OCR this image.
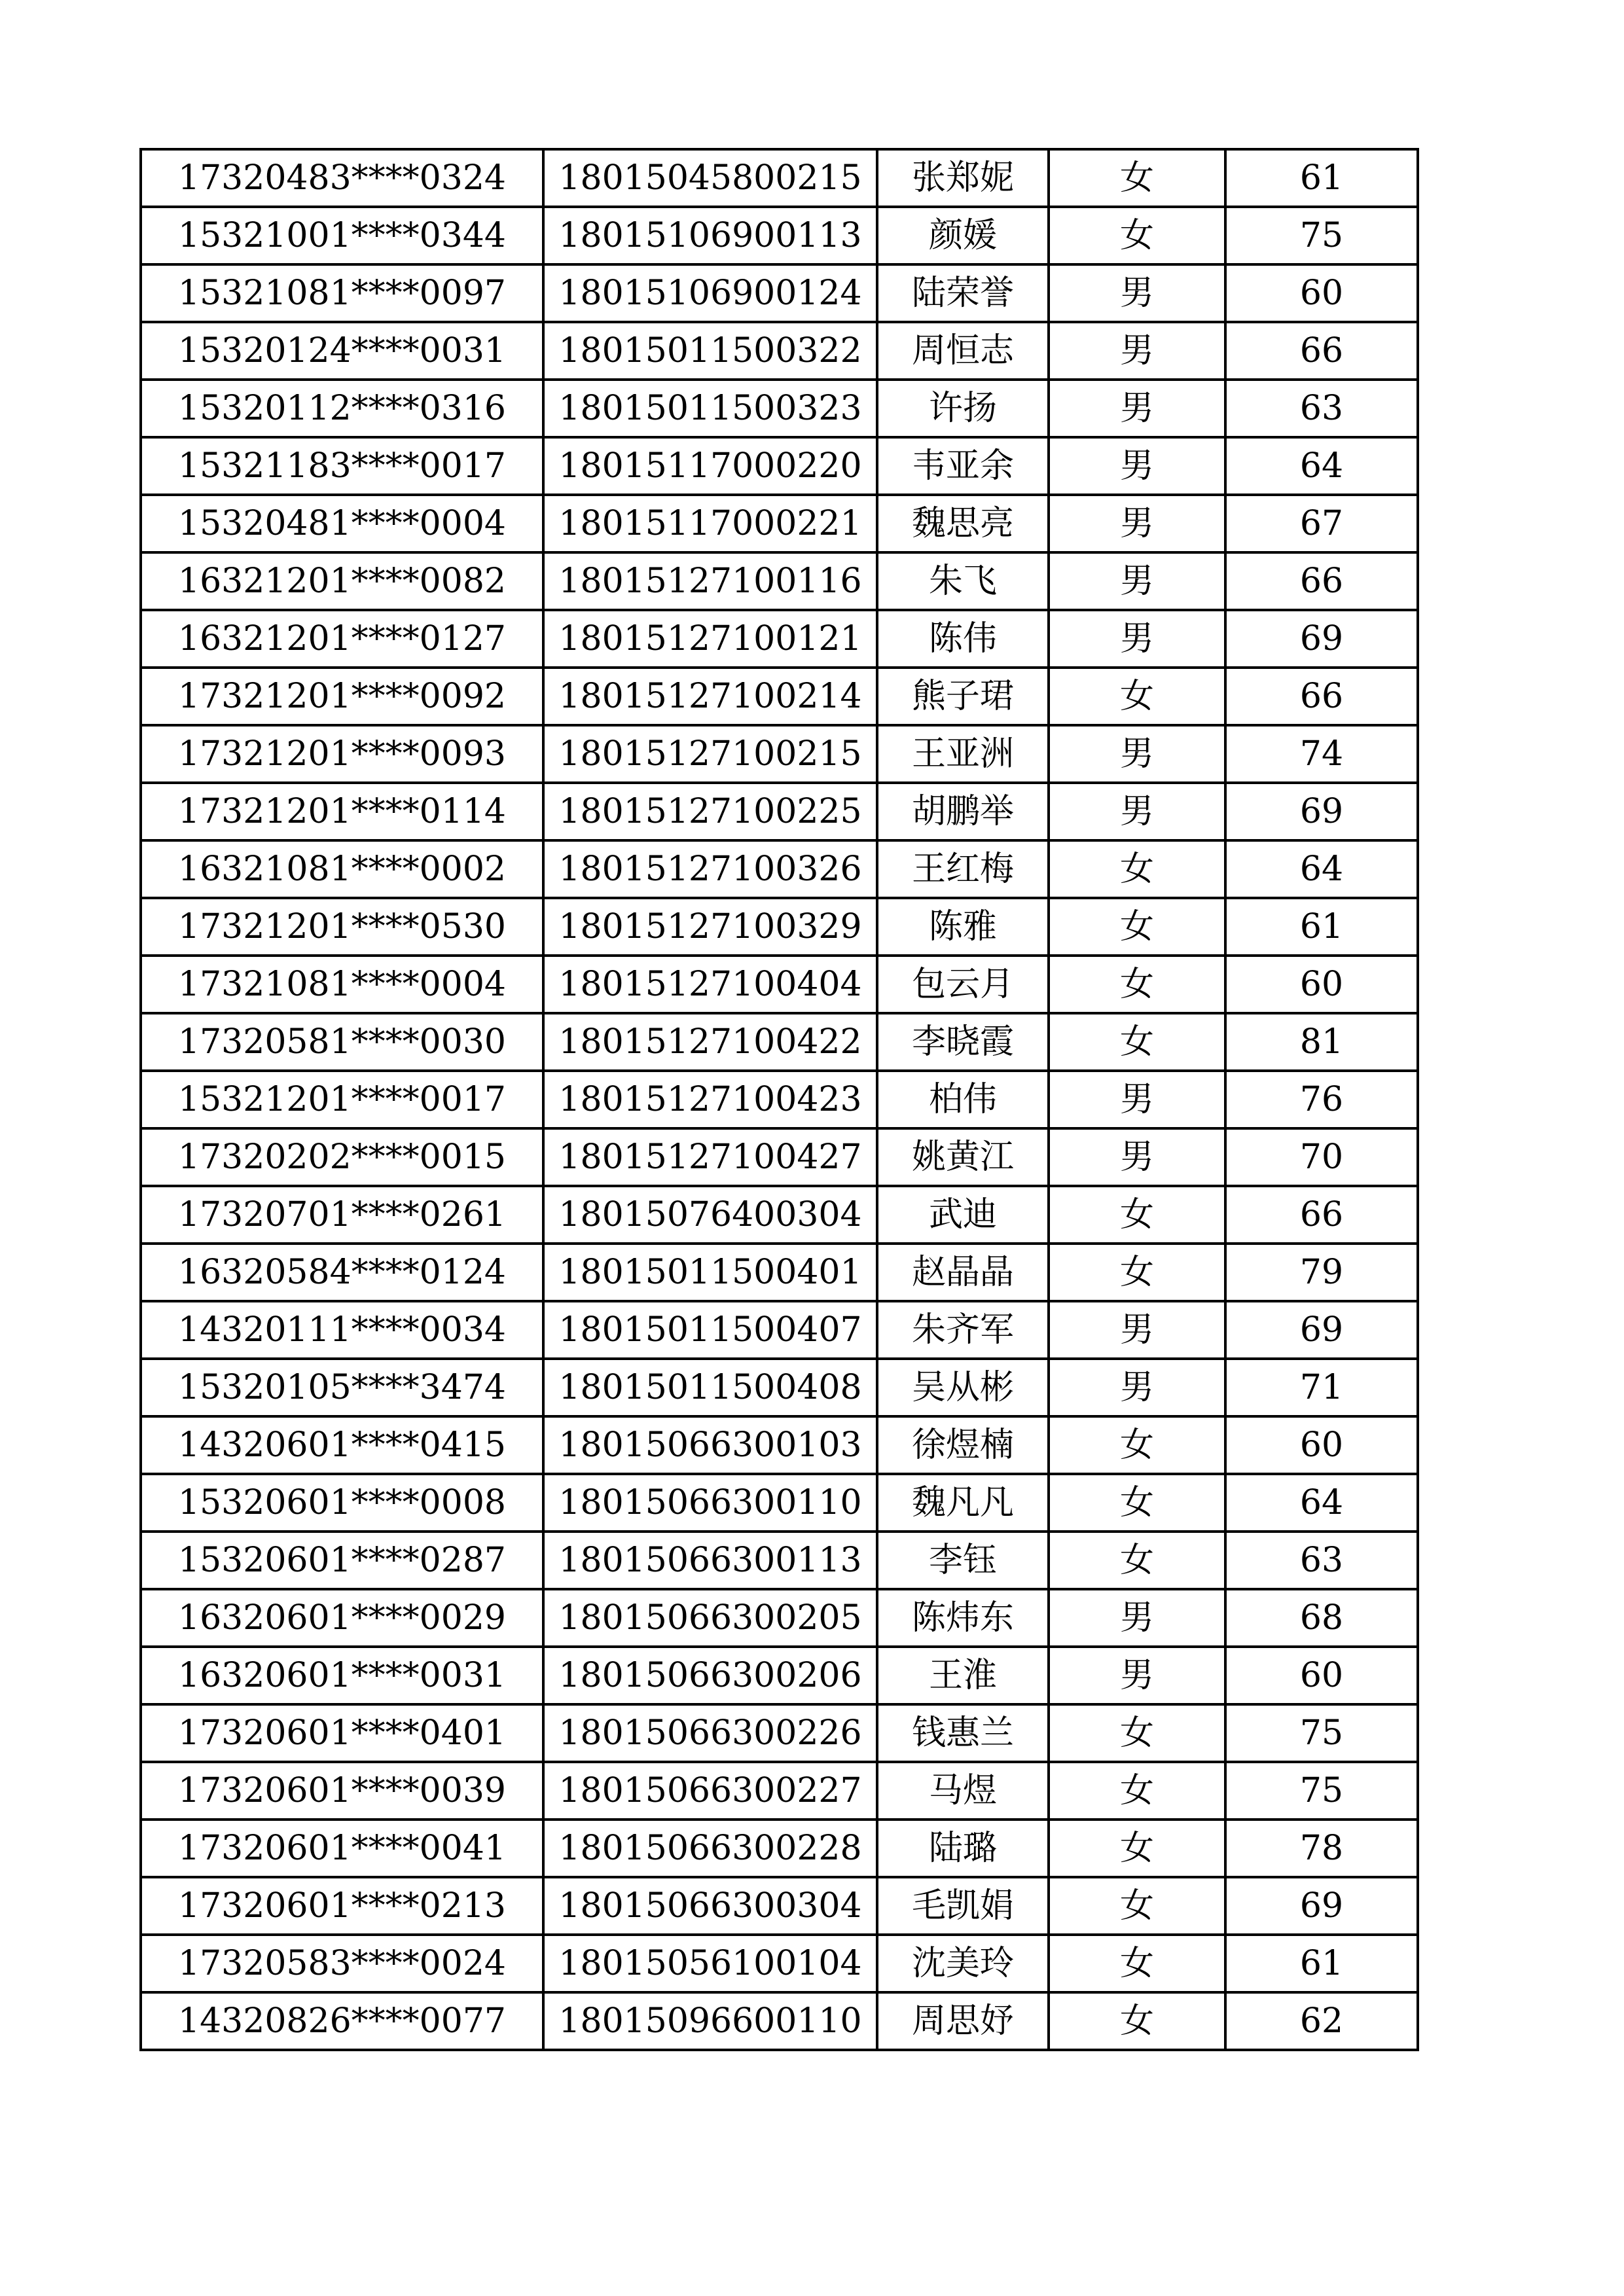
17320483****0324	18015045800215	张郑妮	女	61
15321001****0344	18015106900113	颜媛	女	75
15321081****0097	18015106900124	陆荣誉	男	60
15320124****0031	18015011500322	周恒志	男	66
15320112****0316	18015011500323	许扬	男	63
15321183****0017	18015117000220	韦亚余	男	64
15320481****0004	18015117000221	魏思亮	男	67
16321201****0082	18015127100116	朱飞	男	66
16321201****0127	18015127100121	陈伟	男	69
17321201****0092	18015127100214	熊子珺	女	66
17321201****0093	18015127100215	王亚洲	男	74
17321201****0114	18015127100225	胡鹏举	男	69
16321081****0002	18015127100326	王红梅	女	64
17321201****0530	18015127100329	陈雅	女	61
17321081****0004	18015127100404	包云月	女	60
17320581****0030	18015127100422	李晓霞	女	81
15321201****0017	18015127100423	柏伟	男	76
17320202****0015	18015127100427	姚黄江	男	70
17320701****0261	18015076400304	武迪	女	66
16320584****0124	18015011500401	赵晶晶	女	79
14320111****0034	18015011500407	朱齐军	男	69
15320105****3474	18015011500408	吴从彬	男	71
14320601****0415	18015066300103	徐煜楠	女	60
15320601****0008	18015066300110	魏凡凡	女	64
15320601****0287	18015066300113	李钰	女	63
16320601****0029	18015066300205	陈炜东	男	68
16320601****0031	18015066300206	王淮	男	60
17320601****0401	18015066300226	钱惠兰	女	75
17320601****0039	18015066300227	马煜	女	75
17320601****0041	18015066300228	陆璐	女	78
17320601****0213	18015066300304	毛凯娟	女	69
17320583****0024	18015056100104	沈美玲	女	61
14320826****0077	18015096600110	周思妤	女	62
